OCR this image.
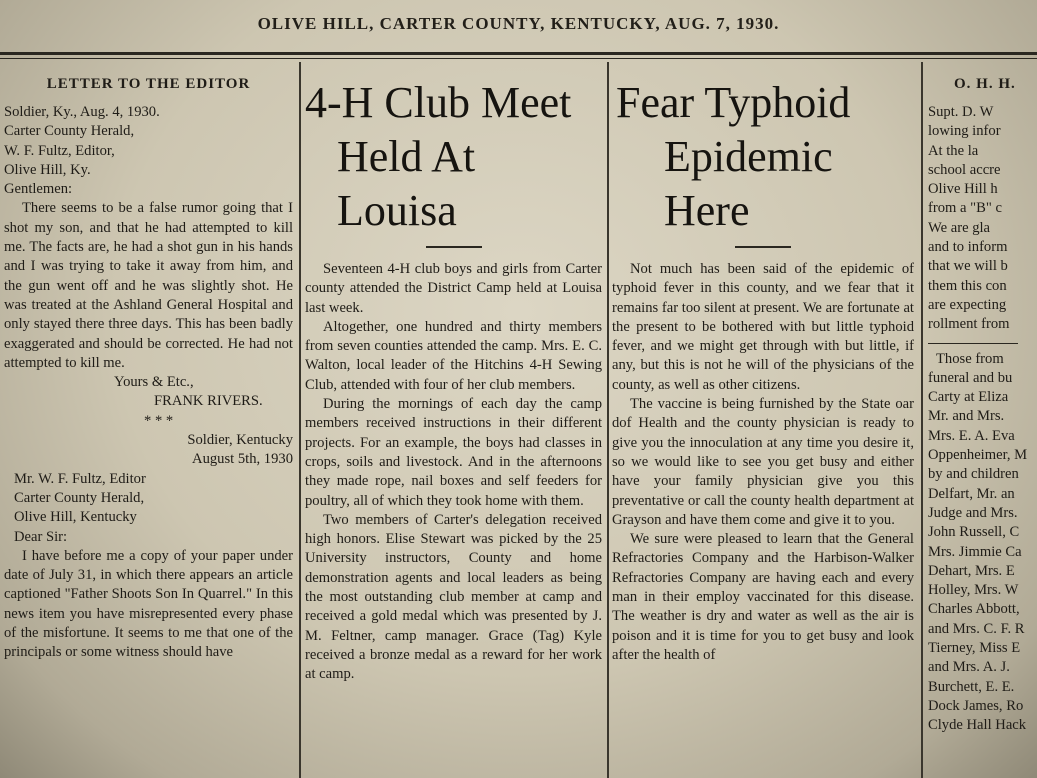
OLIVE HILL, CARTER COUNTY, KENTUCKY, AUG. 7, 1930.
LETTER TO THE EDITOR
Soldier, Ky., Aug. 4, 1930.
Carter County Herald,
W. F. Fultz, Editor,
Olive Hill, Ky.
Gentlemen:

There seems to be a false rumor going that I shot my son, and that he had attempted to kill me. The facts are, he had a shot gun in his hands and I was trying to take it away from him, and the gun went off and he was slightly shot. He was treated at the Ashland General Hospital and only stayed there three days. This has been badly exaggerated and should be corrected. He had not attempted to kill me.

Yours & Etc.,
FRANK RIVERS.
* * *
Soldier, Kentucky
August 5th, 1930
Mr. W. F. Fultz, Editor
Carter County Herald,
Olive Hill, Kentucky
Dear Sir:

I have before me a copy of your paper under date of July 31, in which there appears an article captioned "Father Shoots Son In Quarrel." In this news item you have misrepresented every phase of the misfortune. It seems to me that one of the principals or some witness should have

4-H Club Meet
Held At Louisa

Seventeen 4-H club boys and girls from Carter county attended the District Camp held at Louisa last week.

Altogether, one hundred and thirty members from seven counties attended the camp. Mrs. E. C. Walton, local leader of the Hitchins 4-H Sewing Club, attended with four of her club members.

During the mornings of each day the camp members received instructions in their different projects. For an example, the boys had classes in crops, soils and livestock. And in the afternoons they made rope, nail boxes and self feeders for poultry, all of which they took home with them.

Two members of Carter's delegation received high honors. Elise Stewart was picked by the 25 University instructors, County and home demonstration agents and local leaders as being the most outstanding club member at camp and received a gold medal which was presented by J. M. Feltner, camp manager. Grace (Tag) Kyle received a bronze medal as a reward for her work at camp.

Fear Typhoid
Epidemic Here

Not much has been said of the epidemic of typhoid fever in this county, and we fear that it remains far too silent at present. We are fortunate at the present to be bothered with but little typhoid fever, and we might get through with but little, if any, but this is not he will of the physicians of the county, as well as other citizens.

The vaccine is being furnished by the State oar dof Health and the county physician is ready to give you the innoculation at any time you desire it, so we would like to see you get busy and either have your family physician give you this preventative or call the county health department at Grayson and have them come and give it to you.

We sure were pleased to learn that the General Refractories Company and the Harbison-Walker Refractories Company are having each and every man in their employ vaccinated for this disease. The weather is dry and water as well as the air is poison and it is time for you to get busy and look after the health of

O. H. H.
Supt. D. W
lowing infor
At the la
school accre
Olive Hill h
from a "B" c
We are gla
and to inform
that we will b
them this con
are expecting
rollment from
Those from
funeral and bu
Carty at Eliza
Mr. and Mrs.
Mrs. E. A. Eva
Oppenheimer, M
by and children
Delfart, Mr. an
Judge and Mrs.
John Russell, C
Mrs. Jimmie Ca
Dehart, Mrs. E
Holley, Mrs. W
Charles Abbott,
and Mrs. C. F. R
Tierney, Miss E
and Mrs. A. J.
Burchett, E. E.
Dock James, Ro
Clyde Hall Hack
